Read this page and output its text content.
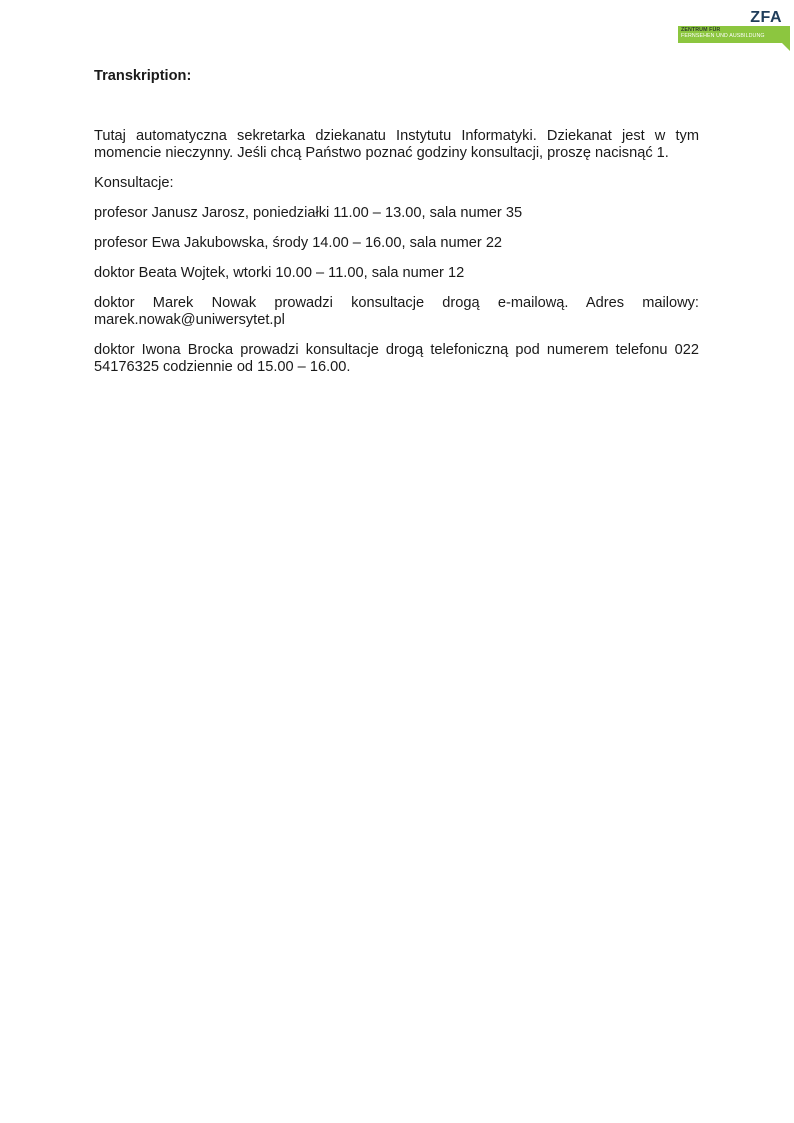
ZFA
ZENTRUM FÜR
FERNSEHEN UND AUSBILDUNG

Transkription:

Tutaj automatyczna sekretarka dziekanatu Instytutu Informatyki. Dziekanat jest w tym momencie nieczynny. Jeśli chcą Państwo poznać godziny konsultacji, proszę nacisnąć 1.

Konsultacje:

profesor Janusz Jarosz, poniedziałki 11.00 – 13.00, sala numer 35

profesor Ewa Jakubowska, środy 14.00 – 16.00, sala numer 22

doktor Beata Wojtek, wtorki 10.00 – 11.00, sala numer 12

doktor Marek Nowak prowadzi konsultacje drogą e-mailową. Adres mailowy: marek.nowak@uniwersytet.pl

doktor Iwona Brocka prowadzi konsultacje drogą telefoniczną pod numerem telefonu 022 54176325 codziennie od 15.00 – 16.00.
